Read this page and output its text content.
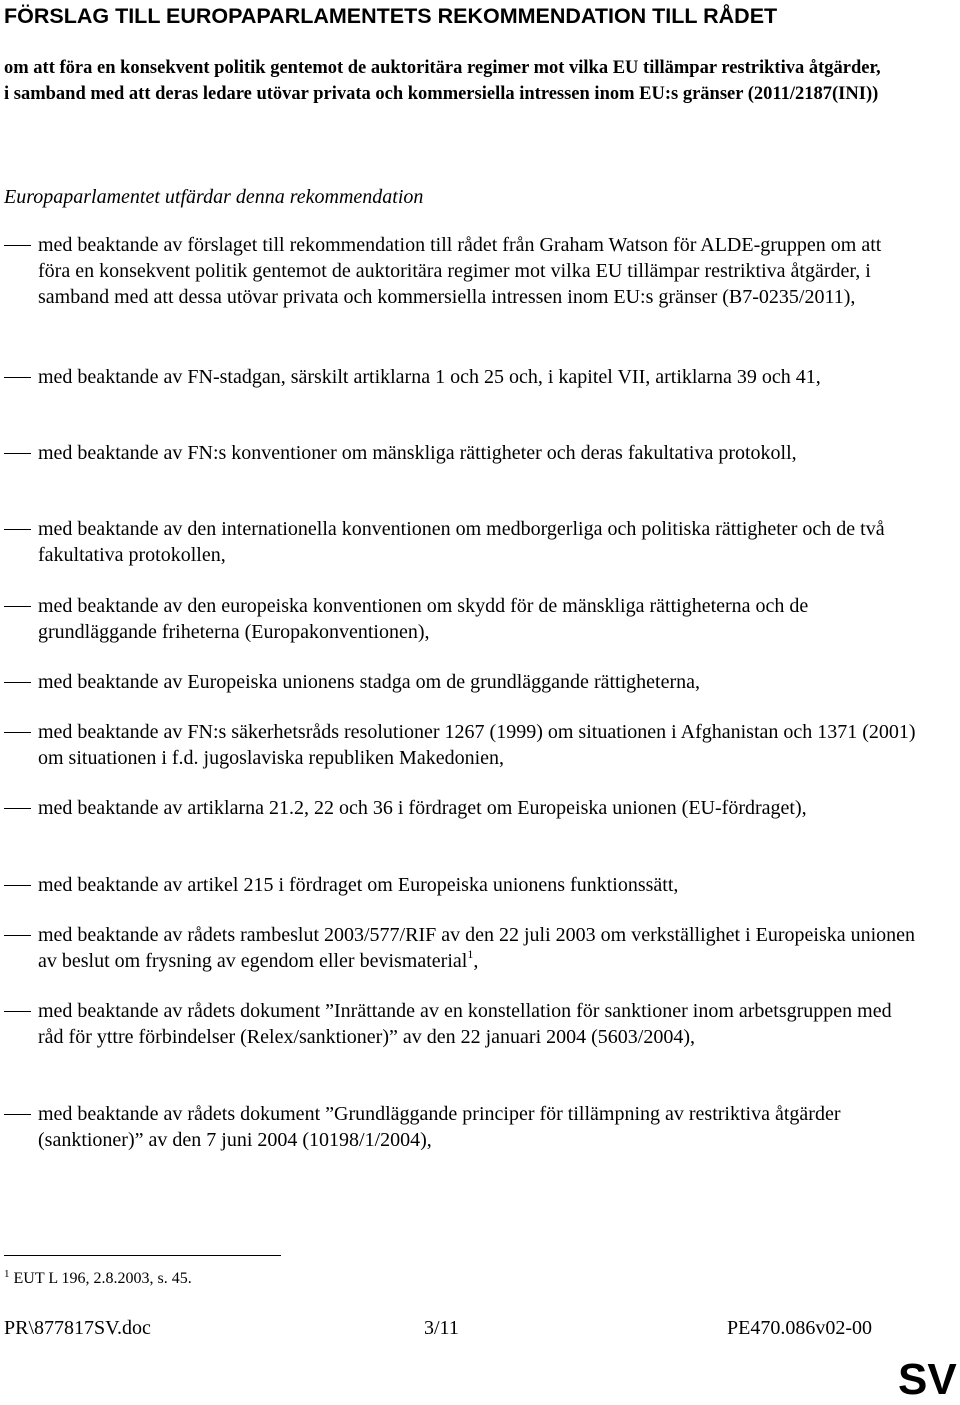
FÖRSLAG TILL EUROPAPARLAMENTETS REKOMMENDATION TILL RÅDET

om att föra en konsekvent politik gentemot de auktoritära regimer mot vilka EU tillämpar restriktiva åtgärder, i samband med att deras ledare utövar privata och kommersiella intressen inom EU:s gränser (2011/2187(INI))

Europaparlamentet utfärdar denna rekommendation

med beaktande av förslaget till rekommendation till rådet från Graham Watson för ALDE-gruppen om att föra en konsekvent politik gentemot de auktoritära regimer mot vilka EU tillämpar restriktiva åtgärder, i samband med att dessa utövar privata och kommersiella intressen inom EU:s gränser (B7-0235/2011),
med beaktande av FN-stadgan, särskilt artiklarna 1 och 25 och, i kapitel VII, artiklarna 39 och 41,
med beaktande av FN:s konventioner om mänskliga rättigheter och deras fakultativa protokoll,
med beaktande av den internationella konventionen om medborgerliga och politiska rättigheter och de två fakultativa protokollen,
med beaktande av den europeiska konventionen om skydd för de mänskliga rättigheterna och de grundläggande friheterna (Europakonventionen),
med beaktande av Europeiska unionens stadga om de grundläggande rättigheterna,
med beaktande av FN:s säkerhetsråds resolutioner 1267 (1999) om situationen i Afghanistan och 1371 (2001) om situationen i f.d. jugoslaviska republiken Makedonien,
med beaktande av artiklarna 21.2, 22 och 36 i fördraget om Europeiska unionen (EU-fördraget),
med beaktande av artikel 215 i fördraget om Europeiska unionens funktionssätt,
med beaktande av rådets rambeslut 2003/577/RIF av den 22 juli 2003 om verkställighet i Europeiska unionen av beslut om frysning av egendom eller bevismaterial$^1$,
med beaktande av rådets dokument ”Inrättande av en konstellation för sanktioner inom arbetsgruppen med råd för yttre förbindelser (Relex/sanktioner)” av den 22 januari 2004 (5603/2004),
med beaktande av rådets dokument ”Grundläggande principer för tillämpning av restriktiva åtgärder (sanktioner)” av den 7 juni 2004 (10198/1/2004),
$^1$ EUT L 196, 2.8.2003, s. 45.
PR\877817SV.doc	3/11	PE470.086v02-00
SV
